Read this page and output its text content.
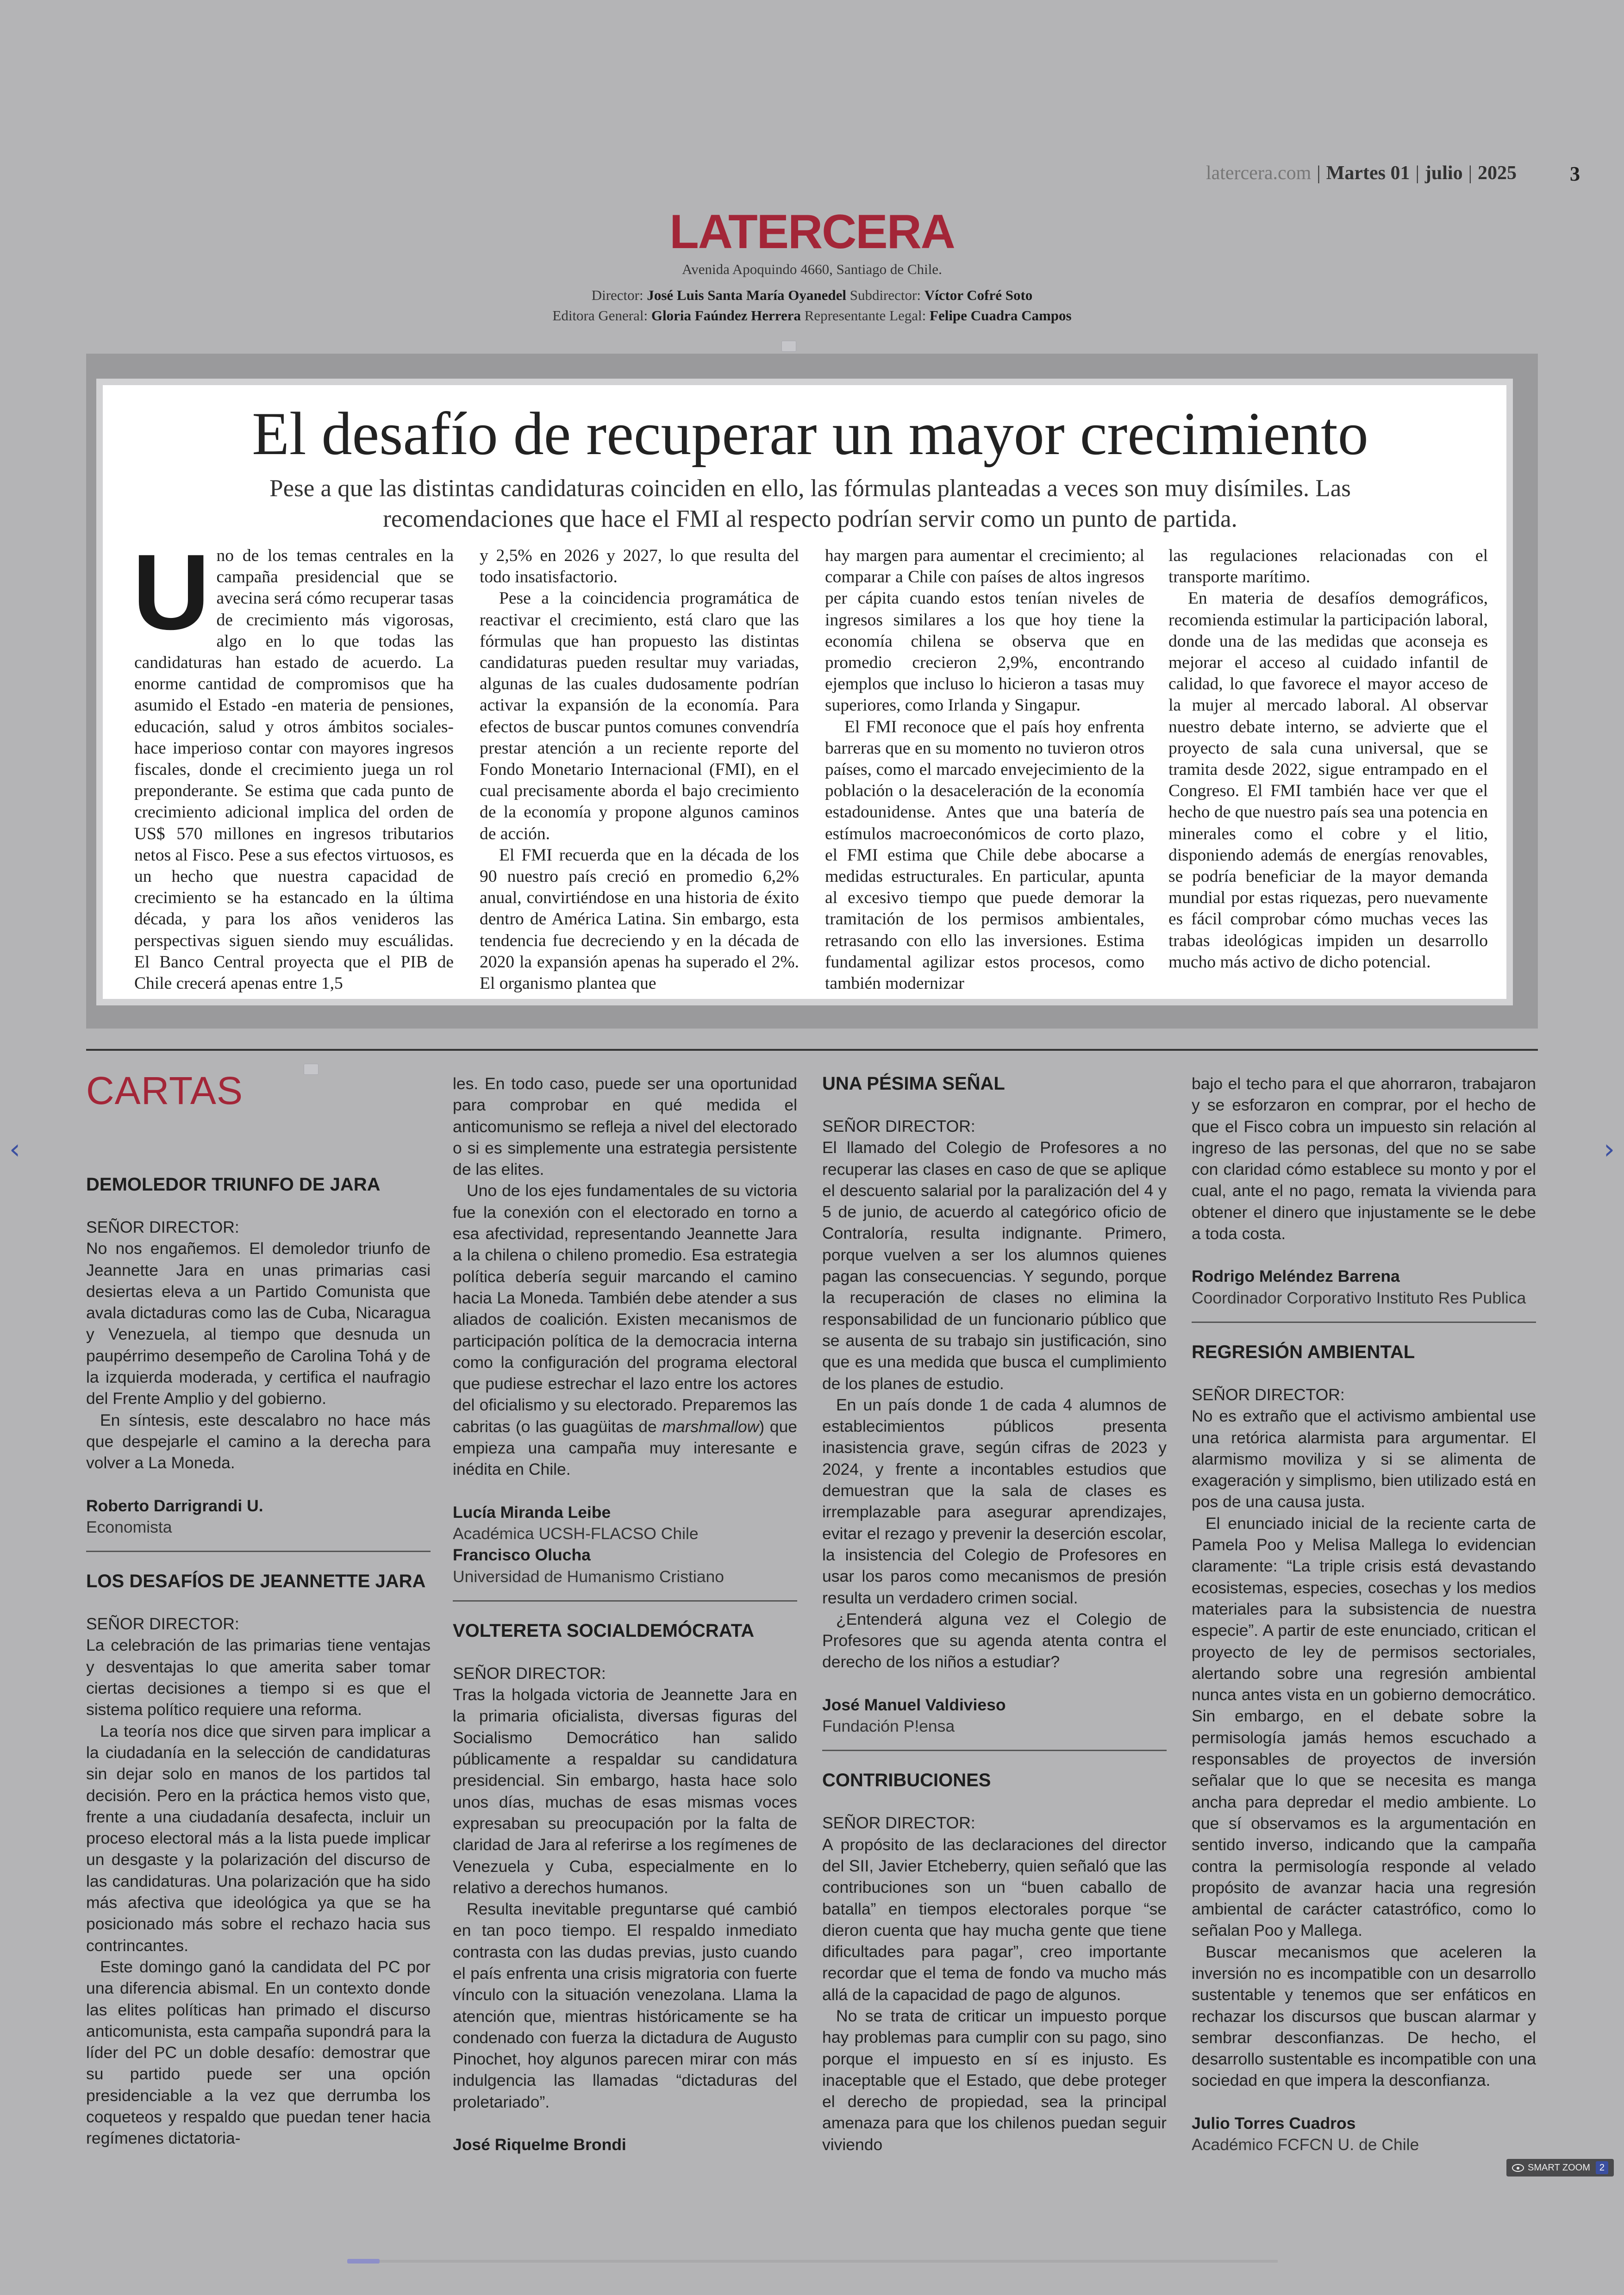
latercera.com | Martes 01 | julio | 2025	3
LATERCERA
Avenida Apoquindo 4660, Santiago de Chile.
Director: José Luis Santa María Oyanedel Subdirector: Víctor Cofré Soto
Editora General: Gloria Faúndez Herrera Representante Legal: Felipe Cuadra Campos
El desafío de recuperar un mayor crecimiento
Pese a que las distintas candidaturas coinciden en ello, las fórmulas planteadas a veces son muy disímiles. Las recomendaciones que hace el FMI al respecto podrían servir como un punto de partida.
U no de los temas centrales en la campaña presidencial que se avecina será cómo recuperar tasas de crecimiento más vigorosas, algo en lo que todas las candidaturas han estado de acuerdo. La enorme cantidad de compromisos que ha asumido el Estado -en materia de pensiones, educación, salud y otros ámbitos sociales- hace imperioso contar con mayores ingresos fiscales, donde el crecimiento juega un rol preponderante. Se estima que cada punto de crecimiento adicional implica del orden de US$ 570 millones en ingresos tributarios netos al Fisco. Pese a sus efectos virtuosos, es un hecho que nuestra capacidad de crecimiento se ha estancado en la última década, y para los años venideros las perspectivas siguen siendo muy escuálidas. El Banco Central proyecta que el PIB de Chile crecerá apenas entre 1,5

y 2,5% en 2026 y 2027, lo que resulta del todo insatisfactorio.

Pese a la coincidencia programática de reactivar el crecimiento, está claro que las fórmulas que han propuesto las distintas candidaturas pueden resultar muy variadas, algunas de las cuales dudosamente podrían activar la expansión de la economía. Para efectos de buscar puntos comunes convendría prestar atención a un reciente reporte del Fondo Monetario Internacional (FMI), en el cual precisamente aborda el bajo crecimiento de la economía y propone algunos caminos de acción.

El FMI recuerda que en la década de los 90 nuestro país creció en promedio 6,2% anual, convirtiéndose en una historia de éxito dentro de América Latina. Sin embargo, esta tendencia fue decreciendo y en la década de 2020 la expansión apenas ha superado el 2%. El organismo plantea que

hay margen para aumentar el crecimiento; al comparar a Chile con países de altos ingresos per cápita cuando estos tenían niveles de ingresos similares a los que hoy tiene la economía chilena se observa que en promedio crecieron 2,9%, encontrando ejemplos que incluso lo hicieron a tasas muy superiores, como Irlanda y Singapur.

El FMI reconoce que el país hoy enfrenta barreras que en su momento no tuvieron otros países, como el marcado envejecimiento de la población o la desaceleración de la economía estadounidense. Antes que una batería de estímulos macroeconómicos de corto plazo, el FMI estima que Chile debe abocarse a medidas estructurales. En particular, apunta al excesivo tiempo que puede demorar la tramitación de los permisos ambientales, retrasando con ello las inversiones. Estima fundamental agilizar estos procesos, como también modernizar

las regulaciones relacionadas con el transporte marítimo.

En materia de desafíos demográficos, recomienda estimular la participación laboral, donde una de las medidas que aconseja es mejorar el acceso al cuidado infantil de calidad, lo que favorece el mayor acceso de la mujer al mercado laboral. Al observar nuestro debate interno, se advierte que el proyecto de sala cuna universal, que se tramita desde 2022, sigue entrampado en el Congreso. El FMI también hace ver que el hecho de que nuestro país sea una potencia en minerales como el cobre y el litio, disponiendo además de energías renovables, se podría beneficiar de la mayor demanda mundial por estas riquezas, pero nuevamente es fácil comprobar cómo muchas veces las trabas ideológicas impiden un desarrollo mucho más activo de dicho potencial.

CARTAS
DEMOLEDOR TRIUNFO DE JARA

SEÑOR DIRECTOR:

No nos engañemos. El demoledor triunfo de Jeannette Jara en unas primarias casi desiertas eleva a un Partido Comunista que avala dictaduras como las de Cuba, Nicaragua y Venezuela, al tiempo que desnuda un paupérrimo desempeño de Carolina Tohá y de la izquierda moderada, y certifica el naufragio del Frente Amplio y del gobierno.

En síntesis, este descalabro no hace más que despejarle el camino a la derecha para volver a La Moneda.

Roberto Darrigrandi U.
Economista
LOS DESAFÍOS DE JEANNETTE JARA

SEÑOR DIRECTOR:

La celebración de las primarias tiene ventajas y desventajas lo que amerita saber tomar ciertas decisiones a tiempo si es que el sistema político requiere una reforma.

La teoría nos dice que sirven para implicar a la ciudadanía en la selección de candidaturas sin dejar solo en manos de los partidos tal decisión. Pero en la práctica hemos visto que, frente a una ciudadanía desafecta, incluir un proceso electoral más a la lista puede implicar un desgaste y la polarización del discurso de las candidaturas. Una polarización que ha sido más afectiva que ideológica ya que se ha posicionado más sobre el rechazo hacia sus contrincantes.

Este domingo ganó la candidata del PC por una diferencia abismal. En un contexto donde las elites políticas han primado el discurso anticomunista, esta campaña supondrá para la líder del PC un doble desafío: demostrar que su partido puede ser una opción presidenciable a la vez que derrumba los coqueteos y respaldo que puedan tener hacia regímenes dictatoria-

les. En todo caso, puede ser una oportunidad para comprobar en qué medida el anticomunismo se refleja a nivel del electorado o si es simplemente una estrategia persistente de las elites.

Uno de los ejes fundamentales de su victoria fue la conexión con el electorado en torno a esa afectividad, representando Jeannette Jara a la chilena o chileno promedio. Esa estrategia política debería seguir marcando el camino hacia La Moneda. También debe atender a sus aliados de coalición. Existen mecanismos de participación política de la democracia interna como la configuración del programa electoral que pudiese estrechar el lazo entre los actores del oficialismo y su electorado. Preparemos las cabritas (o las guagüitas de marshmallow) que empieza una campaña muy interesante e inédita en Chile.

Lucía Miranda Leibe
Académica UCSH-FLACSO Chile
Francisco Olucha
Universidad de Humanismo Cristiano
VOLTERETA SOCIALDEMÓCRATA

SEÑOR DIRECTOR:

Tras la holgada victoria de Jeannette Jara en la primaria oficialista, diversas figuras del Socialismo Democrático han salido públicamente a respaldar su candidatura presidencial. Sin embargo, hasta hace solo unos días, muchas de esas mismas voces expresaban su preocupación por la falta de claridad de Jara al referirse a los regímenes de Venezuela y Cuba, especialmente en lo relativo a derechos humanos.

Resulta inevitable preguntarse qué cambió en tan poco tiempo. El respaldo inmediato contrasta con las dudas previas, justo cuando el país enfrenta una crisis migratoria con fuerte vínculo con la situación venezolana. Llama la atención que, mientras históricamente se ha condenado con fuerza la dictadura de Augusto Pinochet, hoy algunos parecen mirar con más indulgencia las llamadas “dictaduras del proletariado”.

José Riquelme Brondi
UNA PÉSIMA SEÑAL

SEÑOR DIRECTOR:

El llamado del Colegio de Profesores a no recuperar las clases en caso de que se aplique el descuento salarial por la paralización del 4 y 5 de junio, de acuerdo al categórico oficio de Contraloría, resulta indignante. Primero, porque vuelven a ser los alumnos quienes pagan las consecuencias. Y segundo, porque la recuperación de clases no elimina la responsabilidad de un funcionario público que se ausenta de su trabajo sin justificación, sino que es una medida que busca el cumplimiento de los planes de estudio.

En un país donde 1 de cada 4 alumnos de establecimientos públicos presenta inasistencia grave, según cifras de 2023 y 2024, y frente a incontables estudios que demuestran que la sala de clases es irremplazable para asegurar aprendizajes, evitar el rezago y prevenir la deserción escolar, la insistencia del Colegio de Profesores en usar los paros como mecanismos de presión resulta un verdadero crimen social.

¿Entenderá alguna vez el Colegio de Profesores que su agenda atenta contra el derecho de los niños a estudiar?

José Manuel Valdivieso
Fundación P!ensa
CONTRIBUCIONES

SEÑOR DIRECTOR:

A propósito de las declaraciones del director del SII, Javier Etcheberry, quien señaló que las contribuciones son un “buen caballo de batalla” en tiempos electorales porque “se dieron cuenta que hay mucha gente que tiene dificultades para pagar”, creo importante recordar que el tema de fondo va mucho más allá de la capacidad de pago de algunos.

No se trata de criticar un impuesto porque hay problemas para cumplir con su pago, sino porque el impuesto en sí es injusto. Es inaceptable que el Estado, que debe proteger el derecho de propiedad, sea la principal amenaza para que los chilenos puedan seguir viviendo

bajo el techo para el que ahorraron, trabajaron y se esforzaron en comprar, por el hecho de que el Fisco cobra un impuesto sin relación al ingreso de las personas, del que no se sabe con claridad cómo establece su monto y por el cual, ante el no pago, remata la vivienda para obtener el dinero que injustamente se le debe a toda costa.

Rodrigo Meléndez Barrena
Coordinador Corporativo Instituto Res Publica
REGRESIÓN AMBIENTAL

SEÑOR DIRECTOR:

No es extraño que el activismo ambiental use una retórica alarmista para argumentar. El alarmismo moviliza y si se alimenta de exageración y simplismo, bien utilizado está en pos de una causa justa.

El enunciado inicial de la reciente carta de Pamela Poo y Melisa Mallega lo evidencian claramente: “La triple crisis está devastando ecosistemas, especies, cosechas y los medios materiales para la subsistencia de nuestra especie”. A partir de este enunciado, critican el proyecto de ley de permisos sectoriales, alertando sobre una regresión ambiental nunca antes vista en un gobierno democrático. Sin embargo, en el debate sobre la permisología jamás hemos escuchado a responsables de proyectos de inversión señalar que lo que se necesita es manga ancha para depredar el medio ambiente. Lo que sí observamos es la argumentación en sentido inverso, indicando que la campaña contra la permisología responde al velado propósito de avanzar hacia una regresión ambiental de carácter catastrófico, como lo señalan Poo y Mallega.

Buscar mecanismos que aceleren la inversión no es incompatible con un desarrollo sustentable y tenemos que ser enfáticos en rechazar los discursos que buscan alarmar y sembrar desconfianzas. De hecho, el desarrollo sustentable es incompatible con una sociedad en que impera la desconfianza.

Julio Torres Cuadros
Académico FCFCN U. de Chile
‹	›
SMART ZOOM 2
